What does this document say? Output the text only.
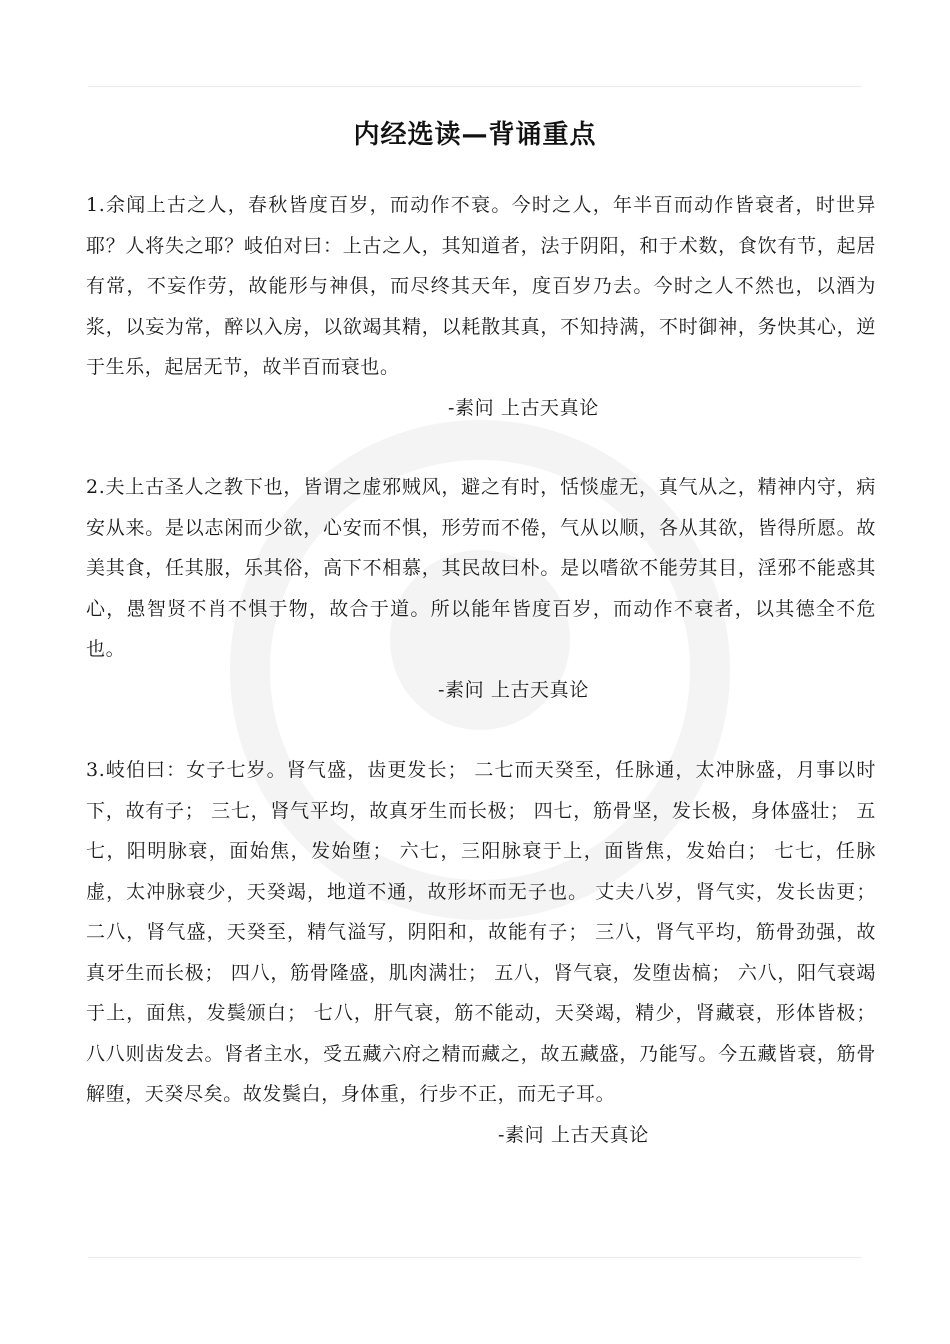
内经选读—背诵重点

1.余闻上古之人，春秋皆度百岁，而动作不衰。今时之人，年半百而动作皆衰者，时世异耶？人将失之耶？岐伯对曰：上古之人，其知道者，法于阴阳，和于术数，食饮有节，起居有常，不妄作劳，故能形与神俱，而尽终其天年，度百岁乃去。今时之人不然也，以酒为浆，以妄为常，醉以入房，以欲竭其精，以耗散其真，不知持满，不时御神，务快其心，逆于生乐，起居无节，故半百而衰也。

-素问 上古天真论

2.夫上古圣人之教下也，皆谓之虚邪贼风，避之有时，恬惔虚无，真气从之，精神内守，病安从来。是以志闲而少欲，心安而不惧，形劳而不倦，气从以顺，各从其欲，皆得所愿。故美其食，任其服，乐其俗，高下不相慕，其民故曰朴。是以嗜欲不能劳其目，淫邪不能惑其心，愚智贤不肖不惧于物，故合于道。所以能年皆度百岁，而动作不衰者，以其德全不危也。

-素问 上古天真论

3.岐伯曰：女子七岁。肾气盛，齿更发长； 二七而天癸至，任脉通，太冲脉盛，月事以时下，故有子； 三七，肾气平均，故真牙生而长极； 四七，筋骨坚，发长极，身体盛壮； 五七，阳明脉衰，面始焦，发始堕； 六七，三阳脉衰于上，面皆焦，发始白； 七七，任脉虚，太冲脉衰少，天癸竭，地道不通，故形坏而无子也。 丈夫八岁，肾气实，发长齿更； 二八，肾气盛，天癸至，精气溢写，阴阳和，故能有子； 三八，肾气平均，筋骨劲强，故真牙生而长极； 四八，筋骨隆盛，肌肉满壮； 五八，肾气衰，发堕齿槁； 六八，阳气衰竭于上，面焦，发鬓颁白； 七八，肝气衰，筋不能动，天癸竭，精少，肾藏衰，形体皆极； 八八则齿发去。肾者主水，受五藏六府之精而藏之，故五藏盛，乃能写。今五藏皆衰，筋骨解堕，天癸尽矣。故发鬓白，身体重，行步不正，而无子耳。

-素问 上古天真论
